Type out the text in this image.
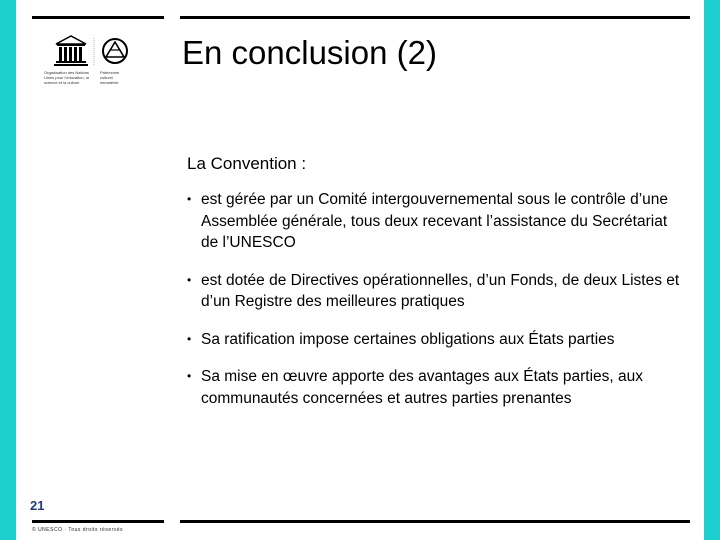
Organisation des Nations Unies pour l’éducation, la science et la culture
Patrimoine culturel immatériel
En conclusion (2)
La Convention :
• est gérée par un Comité intergouvernemental sous le contrôle d’une Assemblée générale, tous deux recevant l’assistance du Secrétariat de l’UNESCO
• est dotée de Directives opérationnelles, d’un Fonds, de deux Listes et d’un Registre des meilleures pratiques
• Sa ratification impose certaines obligations aux États parties
• Sa mise en œuvre apporte des avantages aux États parties, aux communautés concernées et autres parties prenantes
21
© UNESCO · Tous droits réservés
